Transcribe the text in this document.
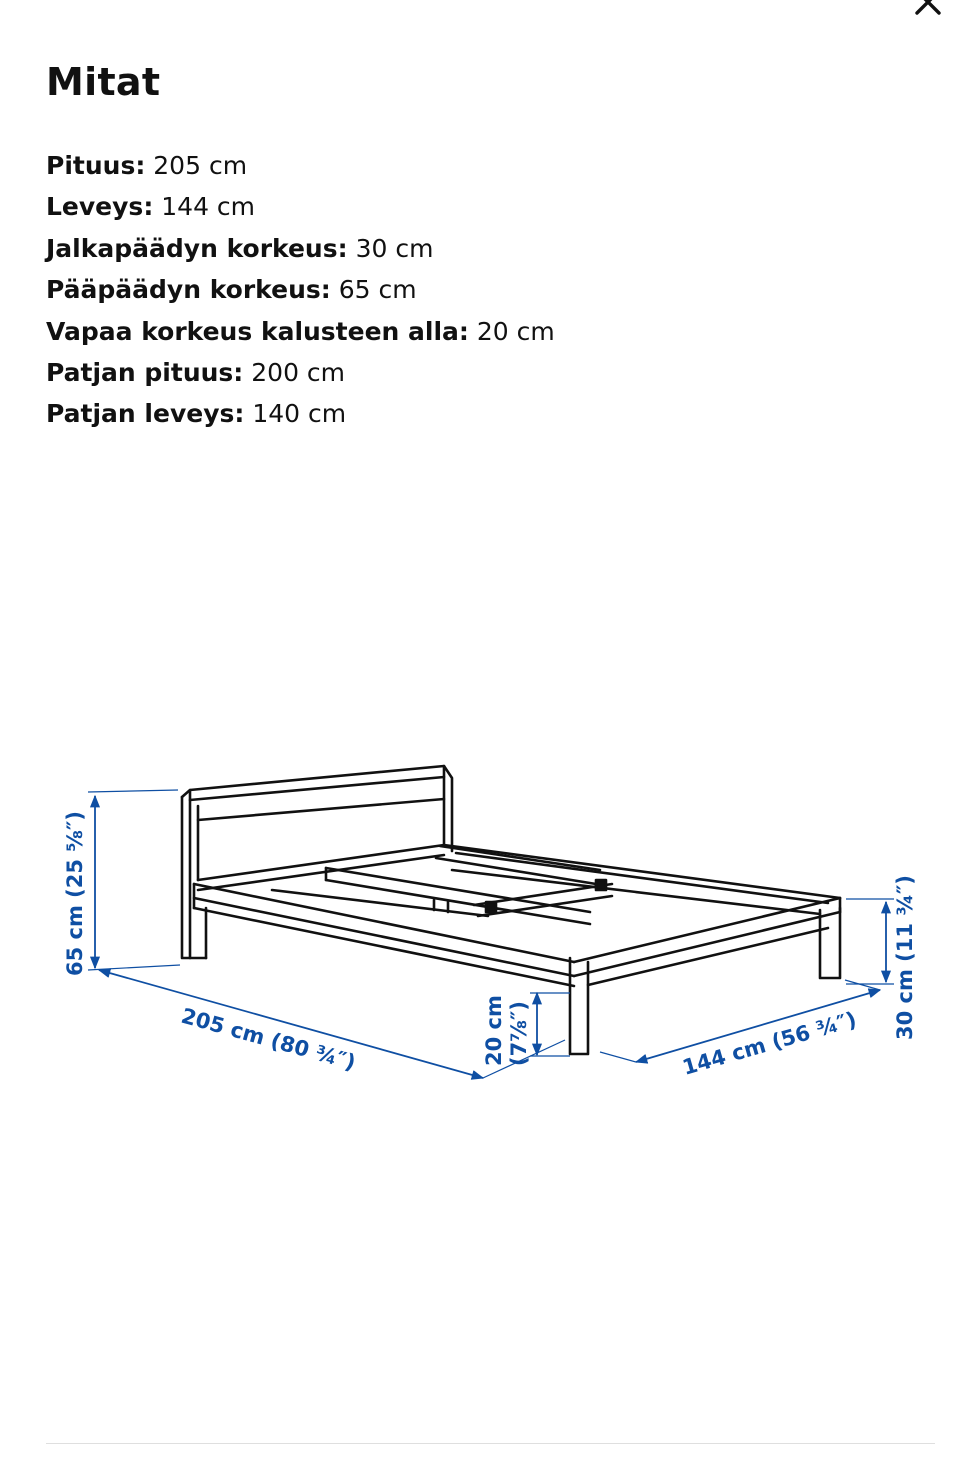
Mitat
Pituus: 205 cm
Leveys: 144 cm
Jalkapäädyn korkeus: 30 cm
Pääpäädyn korkeus: 65 cm
Vapaa korkeus kalusteen alla: 20 cm
Patjan pituus: 200 cm
Patjan leveys: 140 cm
65 cm (25 ⅝″)
205 cm (80 ¾″)	20 cm (7⅞″)	144 cm (56 ¾″)
30 cm (11 ¾″)
